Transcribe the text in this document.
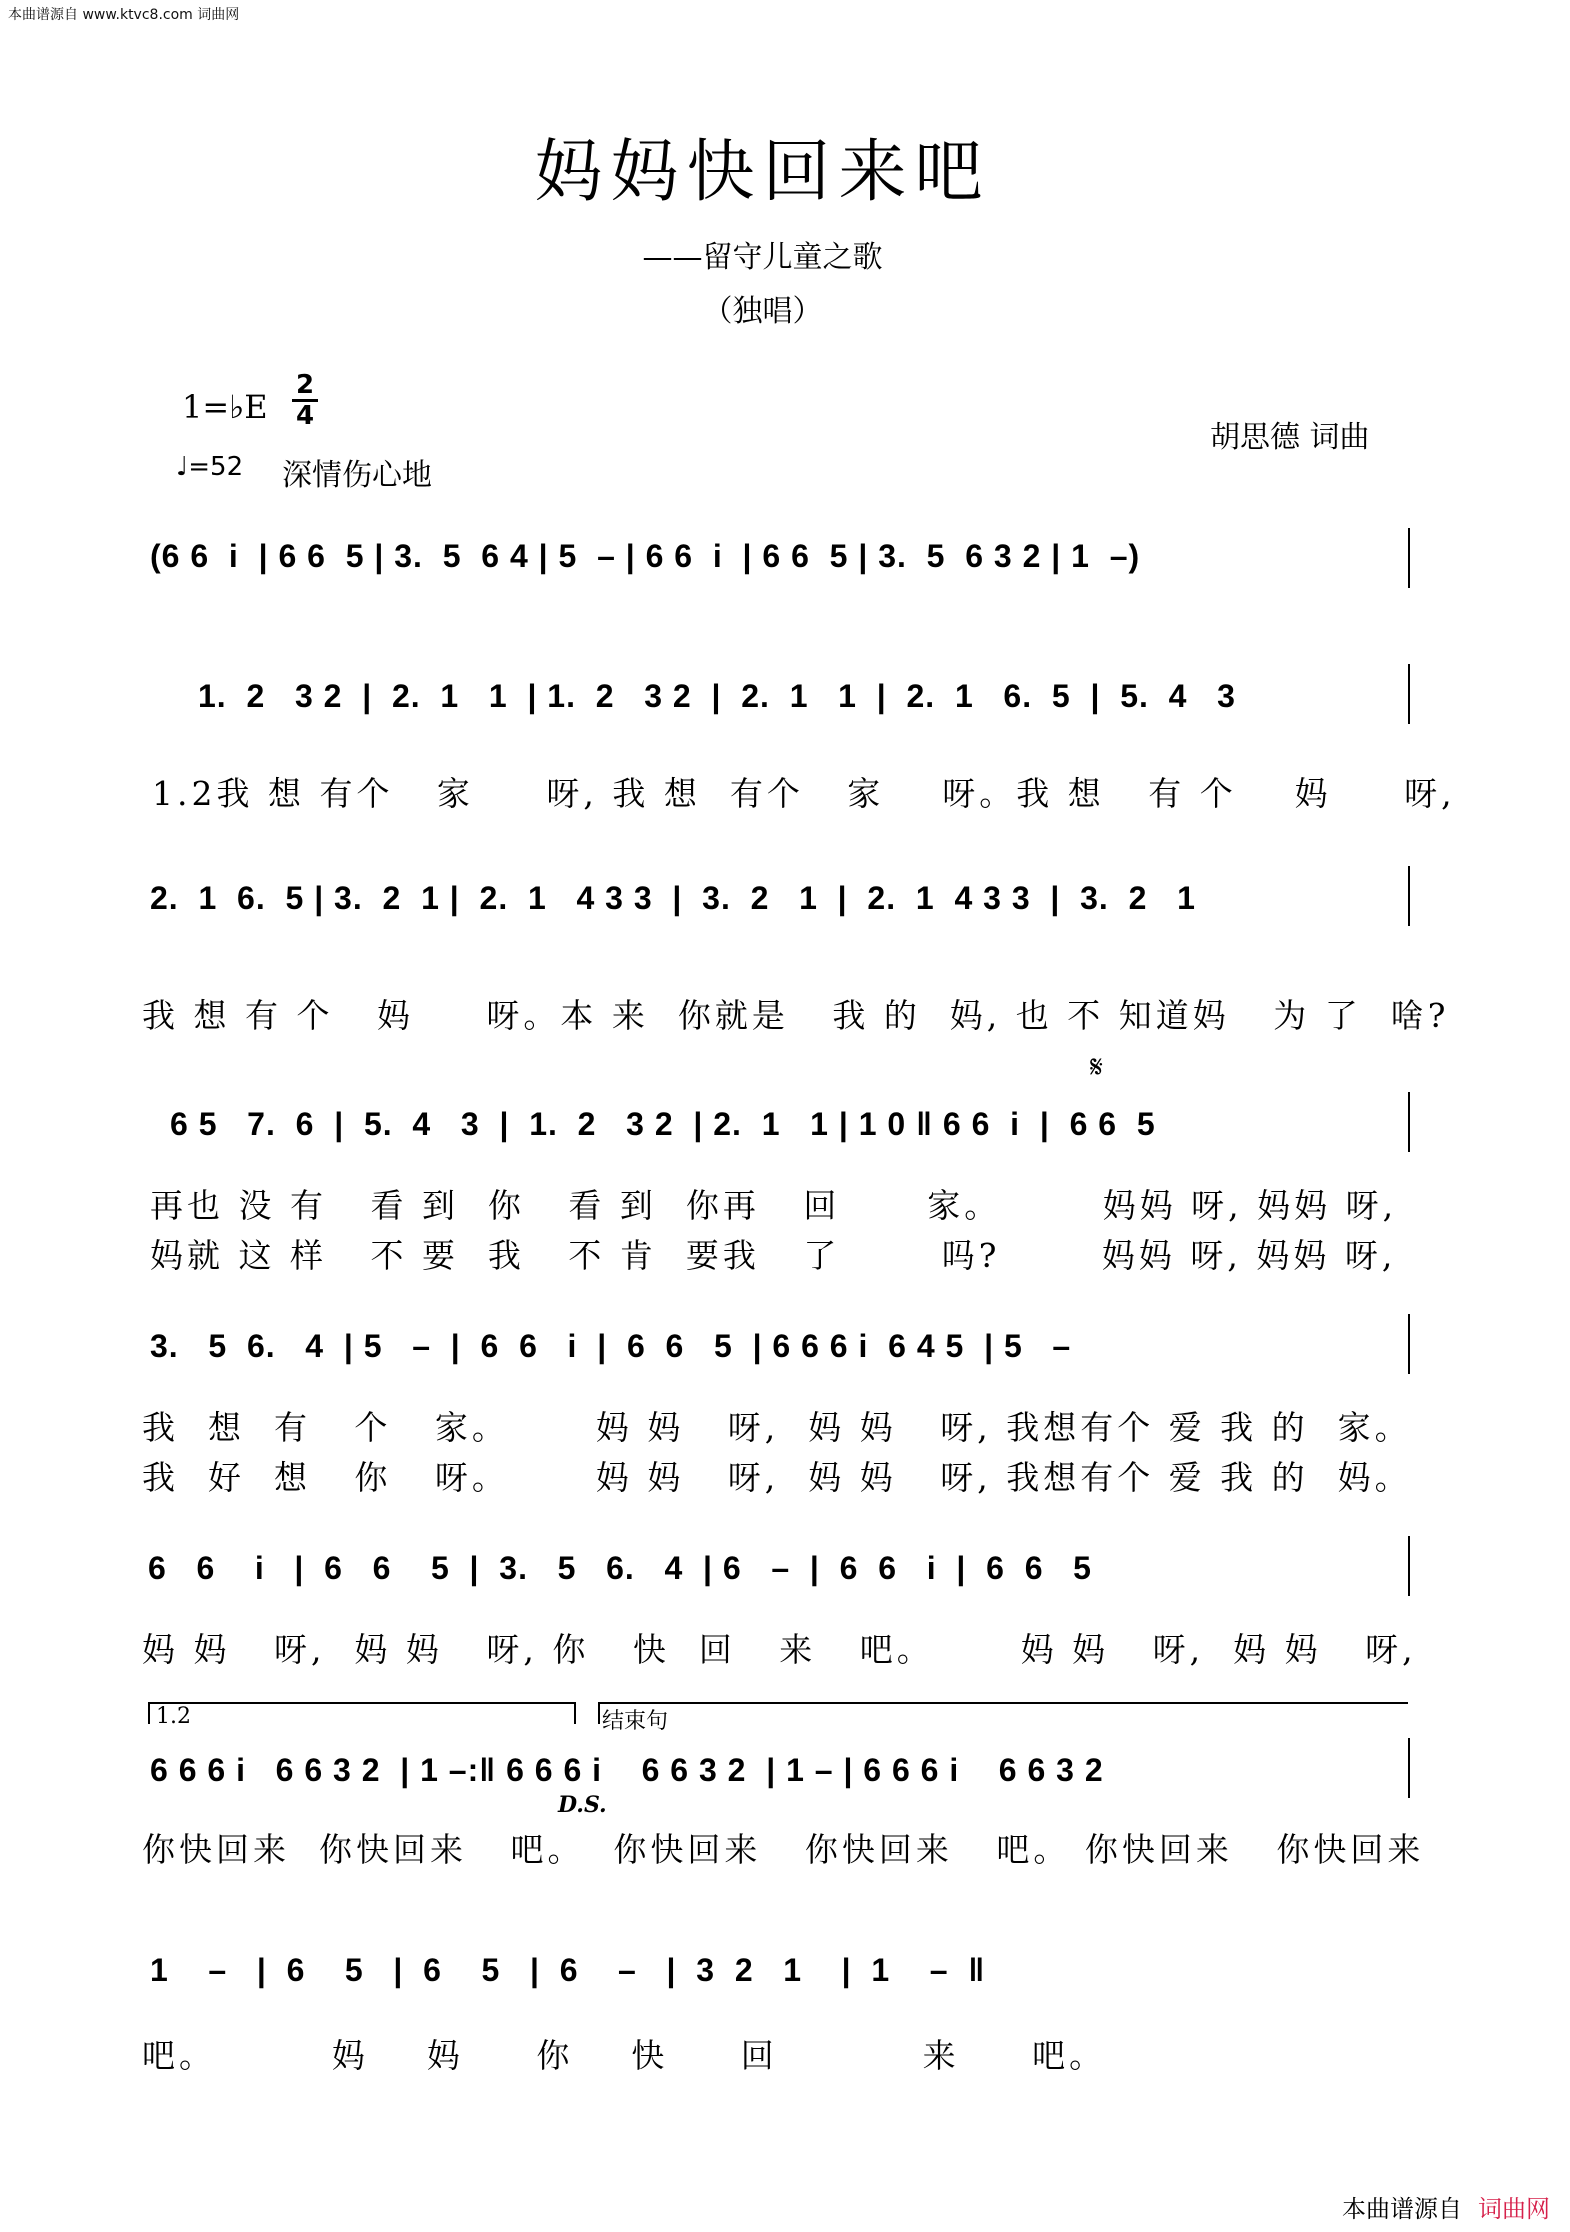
本曲谱源自 www.ktvc8.com 词曲网
妈妈快回来吧
——留守儿童之歌
（独唱）
1=♭E
2
4
♩=52 深情伤心地
胡思德 词曲
(6 6  i  | 6 6  5 | 3.  5  6 4 | 5  – | 6 6  i  | 6 6  5 | 3.  5  6 3 2 | 1  –)
1.  2   3 2  |  2.  1   1  | 1.  2   3 2  |  2.  1   1  |  2.  1   6.  5  |  5.  4   3
1.2我 想 有个   家     呀, 我 想  有个   家    呀。我 想   有 个    妈     呀,
2.  1  6.  5 | 3.  2  1 |  2.  1   4 3 3  |  3.  2   1  |  2.  1  4 3 3  |  3.  2   1
我 想 有 个   妈     呀。本 来  你就是   我 的  妈, 也 不 知道妈   为 了  啥?
𝄋
6 5   7.  6  |  5.  4   3  |  1.  2   3 2  | 2.  1   1 | 1 0 ‖ 6 6  i  |  6 6  5
再也 没 有   看 到  你   看 到  你再   回      家。       妈妈 呀, 妈妈 呀,
妈就 这 样   不 要  我   不 肯  要我   了       吗?       妈妈 呀, 妈妈 呀,
3.   5  6.   4  | 5   –  |  6  6   i  |  6  6   5  | 6 6 6 i  6 4 5  | 5   –
我  想  有   个   家。      妈 妈   呀,  妈 妈   呀, 我想有个 爱 我 的  家。
我  好  想   你   呀。      妈 妈   呀,  妈 妈   呀, 我想有个 爱 我 的  妈。
6   6    i   |  6   6    5  |  3.   5   6.   4  | 6   –  |  6  6   i  |  6  6   5
妈 妈   呀,  妈 妈   呀, 你   快  回   来   吧。      妈 妈   呀,  妈 妈   呀,
1.2	结束句
6 6 6 i   6 6 3 2  | 1 –:‖ 6 6 6 i    6 6 3 2  | 1 – | 6 6 6 i    6 6 3 2
D.S.
你快回来  你快回来   吧。  你快回来   你快回来   吧。 你快回来   你快回来
1    –   |  6    5   |  6    5   |  6    –   |  3  2   1    |  1    –  ‖
吧。        妈    妈     你    快     回          来     吧。
本曲谱源自 词曲网
